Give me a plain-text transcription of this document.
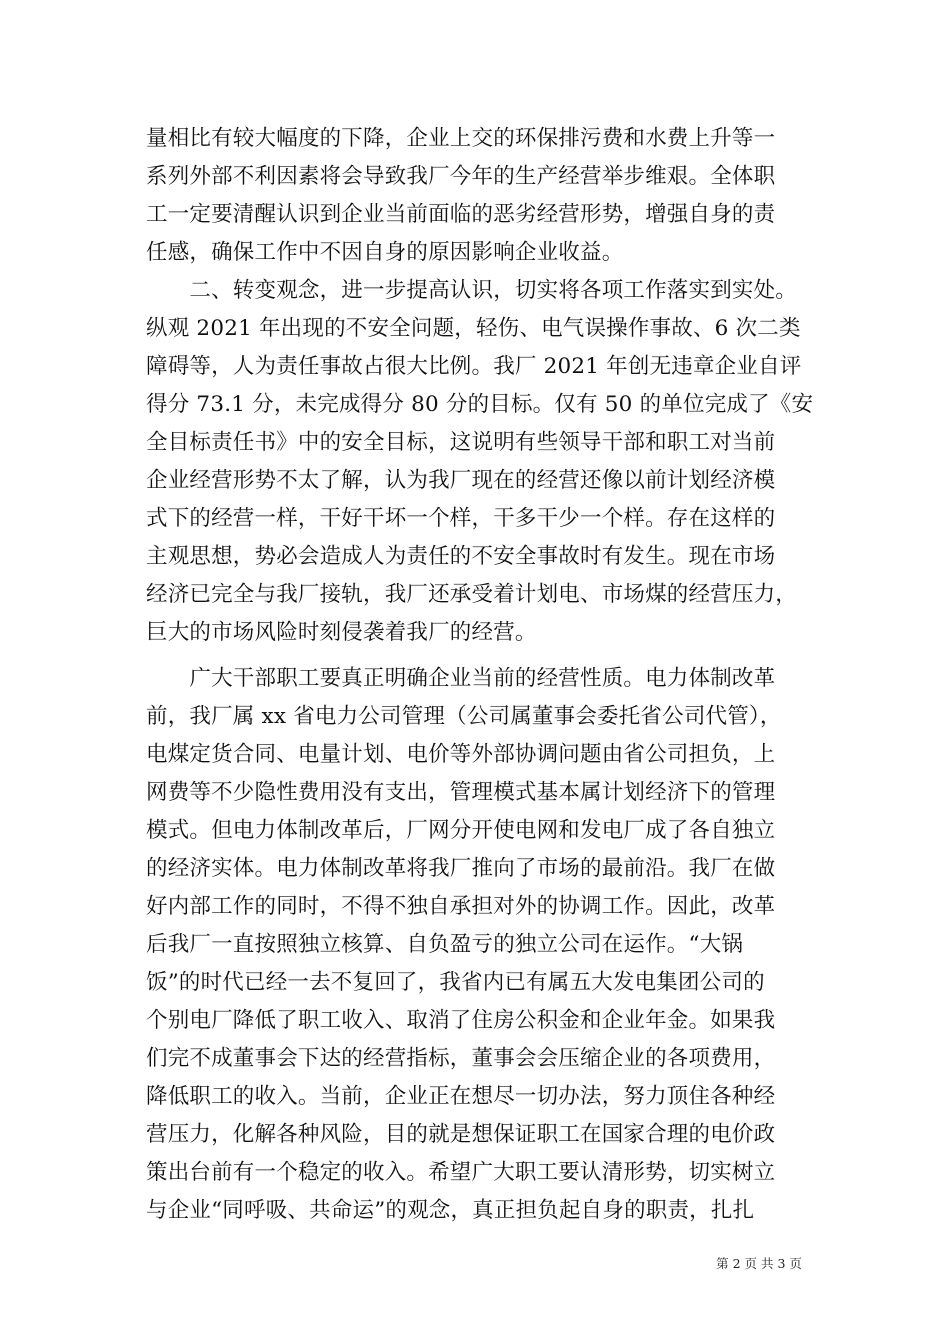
量相比有较大幅度的下降，企业上交的环保排污费和水费上升等一
系列外部不利因素将会导致我厂今年的生产经营举步维艰。全体职
工一定要清醒认识到企业当前面临的恶劣经营形势，增强自身的责
任感，确保工作中不因自身的原因影响企业收益。
　　二、转变观念，进一步提高认识，切实将各项工作落实到实处。
纵观 2021 年出现的不安全问题，轻伤、电气误操作事故、6 次二类
障碍等，人为责任事故占很大比例。我厂 2021 年创无违章企业自评
得分 73.1 分，未完成得分 80 分的目标。仅有 50 的单位完成了《安
全目标责任书》中的安全目标，这说明有些领导干部和职工对当前
企业经营形势不太了解，认为我厂现在的经营还像以前计划经济模
式下的经营一样，干好干坏一个样，干多干少一个样。存在这样的
主观思想，势必会造成人为责任的不安全事故时有发生。现在市场
经济已完全与我厂接轨，我厂还承受着计划电、市场煤的经营压力，
巨大的市场风险时刻侵袭着我厂的经营。
　　广大干部职工要真正明确企业当前的经营性质。电力体制改革
前，我厂属 xx 省电力公司管理（公司属董事会委托省公司代管），
电煤定货合同、电量计划、电价等外部协调问题由省公司担负，上
网费等不少隐性费用没有支出，管理模式基本属计划经济下的管理
模式。但电力体制改革后，厂网分开使电网和发电厂成了各自独立
的经济实体。电力体制改革将我厂推向了市场的最前沿。我厂在做
好内部工作的同时，不得不独自承担对外的协调工作。因此，改革
后我厂一直按照独立核算、自负盈亏的独立公司在运作。“大锅
饭”的时代已经一去不复回了，我省内已有属五大发电集团公司的
个别电厂降低了职工收入、取消了住房公积金和企业年金。如果我
们完不成董事会下达的经营指标，董事会会压缩企业的各项费用，
降低职工的收入。当前，企业正在想尽一切办法，努力顶住各种经
营压力，化解各种风险，目的就是想保证职工在国家合理的电价政
策出台前有一个稳定的收入。希望广大职工要认清形势，切实树立
与企业“同呼吸、共命运”的观念，真正担负起自身的职责，扎扎
第 2 页 共 3 页
